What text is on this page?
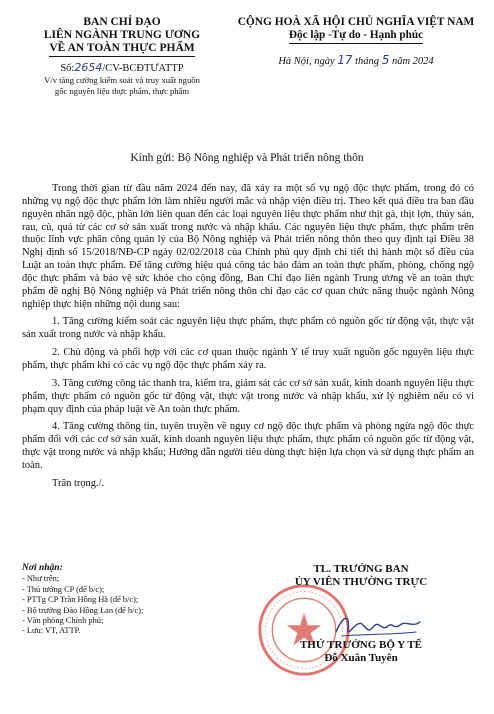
BAN CHỈ ĐẠO
LIÊN NGÀNH TRUNG ƯƠNG
VỀ AN TOÀN THỰC PHẨM
Số:2654/CV-BCĐTƯATTP
V/v tăng cường kiểm soát và truy xuất nguồn
gốc nguyên liệu thực phẩm, thực phẩm
CỘNG HOÀ XÃ HỘI CHỦ NGHĨA VIỆT NAM
Độc lập -Tự do - Hạnh phúc
Hà Nội, ngày 17 tháng 5 năm 2024
Kính gửi: Bộ Nông nghiệp và Phát triển nông thôn

Trong thời gian từ đầu năm 2024 đến nay, đã xảy ra một số vụ ngộ độc thực phẩm, trong đó có những vụ ngộ độc thực phẩm lớn làm nhiều người mắc và nhập viện điều trị. Theo kết quả điều tra ban đầu nguyên nhân ngộ độc, phần lớn liên quan đến các loại nguyên liệu thực phẩm như thịt gà, thịt lợn, thủy sản, rau, củ, quả từ các cơ sở sản xuất trong nước và nhập khẩu. Các nguyên liệu thực phẩm, thực phẩm trên thuộc lĩnh vực phân công quản lý của Bộ Nông nghiệp và Phát triển nông thôn theo quy định tại Điều 38 Nghị định số 15/2018/NĐ-CP ngày 02/02/2018 của Chính phủ quy định chi tiết thi hành một số điều của Luật an toàn thực phẩm. Để tăng cường hiệu quả công tác bảo đảm an toàn thực phẩm, phòng, chống ngộ độc thực phẩm và bảo vệ sức khỏe cho cộng đồng, Ban Chỉ đạo liên ngành Trung ương về an toàn thực phẩm đề nghị Bộ Nông nghiệp và Phát triển nông thôn chỉ đạo các cơ quan chức năng thuộc ngành Nông nghiệp thực hiện những nội dung sau:

1. Tăng cường kiểm soát các nguyên liệu thực phẩm, thực phẩm có nguồn gốc từ động vật, thực vật sản xuất trong nước và nhập khẩu.

2. Chủ động và phối hợp với các cơ quan thuộc ngành Y tế truy xuất nguồn gốc nguyên liệu thực phẩm, thực phẩm khi có các vụ ngộ độc thực phẩm xảy ra.

3. Tăng cường công tác thanh tra, kiểm tra, giám sát các cơ sở sản xuất, kinh doanh nguyên liệu thực phẩm, thực phẩm có nguồn gốc từ động vật, thực vật trong nước và nhập khẩu, xử lý nghiêm nếu có vi phạm quy định của pháp luật về An toàn thực phẩm.

4. Tăng cường thông tin, tuyên truyền về nguy cơ ngộ độc thực phẩm và phòng ngừa ngộ độc thực phẩm đối với các cơ sở sản xuất, kinh doanh nguyên liệu thực phẩm, thực phẩm có nguồn gốc từ động vật, thực vật trong nước và nhập khẩu; Hướng dẫn người tiêu dùng thực hiện lựa chọn và sử dụng thực phẩm an toàn.

Trân trọng./.

Nơi nhận:
- Như trên;
- Thủ tướng CP (để b/c);
- PTTg CP Trần Hồng Hà (để b/c);
- Bộ trưởng Đào Hồng Lan (để b/c);
- Văn phòng Chính phủ;
- Lưu: VT, ATTP.
TL. TRƯỞNG BAN
ỦY VIÊN THƯỜNG TRỰC
THỨ TRƯỞNG BỘ Y TẾ
Đỗ Xuân Tuyên
